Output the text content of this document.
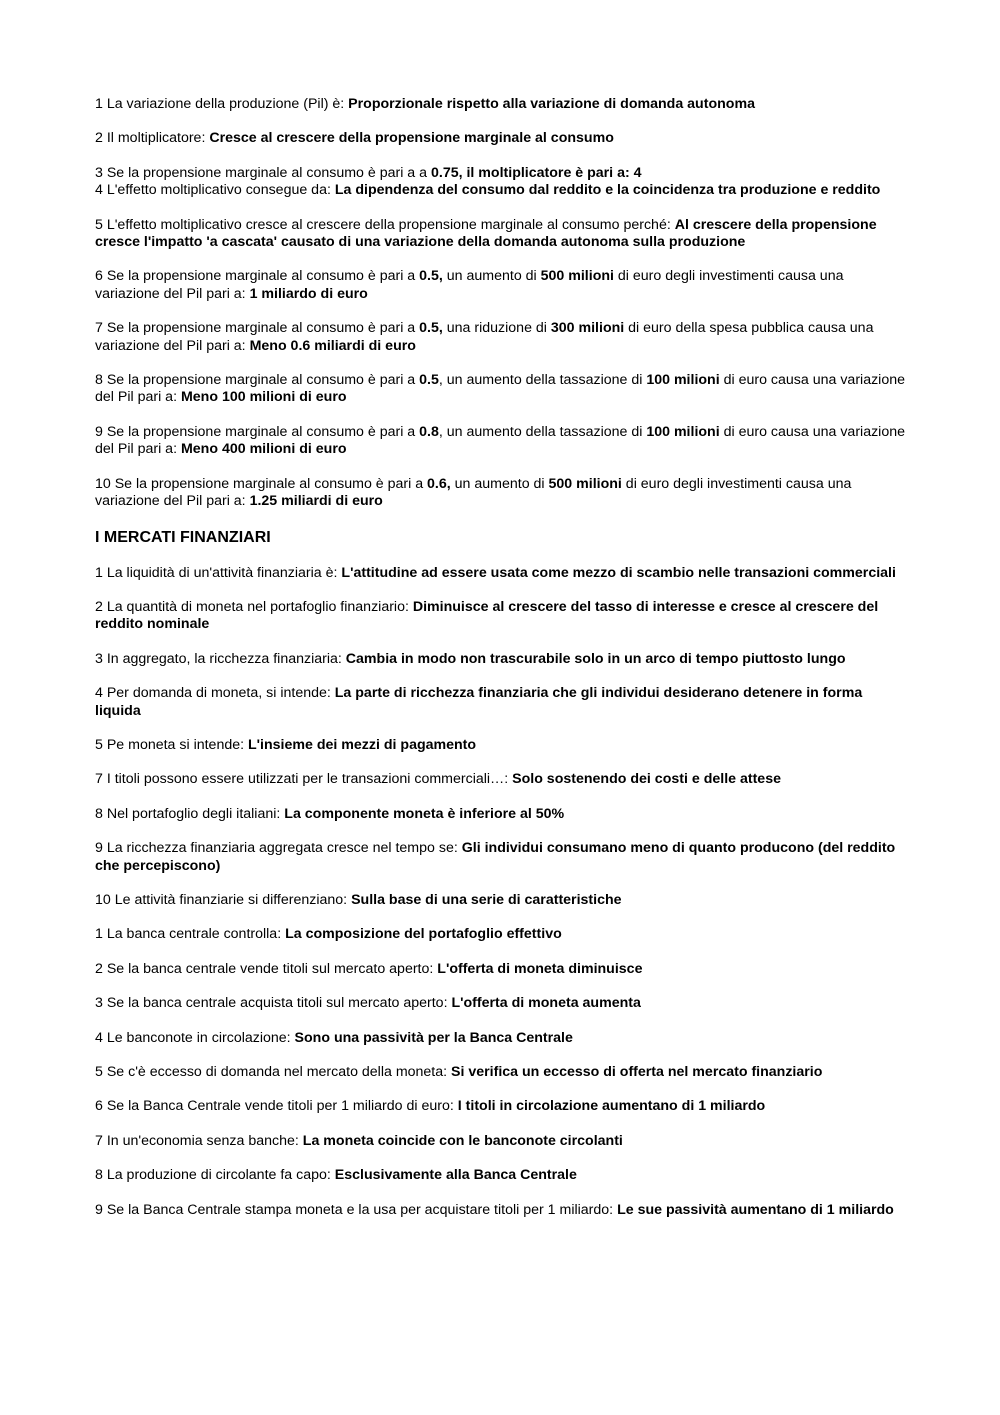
1 La variazione della produzione (Pil) è: Proporzionale rispetto alla variazione di domanda autonoma
2 Il moltiplicatore: Cresce al crescere della propensione marginale al consumo
3 Se la propensione marginale al consumo è pari a a 0.75, il moltiplicatore è pari a: 4
4 L'effetto moltiplicativo consegue da: La dipendenza del consumo dal reddito e la coincidenza tra produzione e reddito
5 L'effetto moltiplicativo cresce al crescere della propensione marginale al consumo perché: Al crescere della propensione cresce l'impatto 'a cascata' causato di una variazione della domanda autonoma sulla produzione
6 Se la propensione marginale al consumo è pari a 0.5, un aumento di 500 milioni di euro degli investimenti causa una variazione del Pil pari a: 1 miliardo di euro
7 Se la propensione marginale al consumo è pari a 0.5, una riduzione di 300 milioni di euro della spesa pubblica causa una variazione del Pil pari a: Meno 0.6 miliardi di euro
8 Se la propensione marginale al consumo è pari a 0.5, un aumento della tassazione di 100 milioni di euro causa una variazione del Pil pari a: Meno 100 milioni di euro
9 Se la propensione marginale al consumo è pari a 0.8, un aumento della tassazione di 100 milioni di euro causa una variazione del Pil pari a: Meno 400 milioni di euro
10 Se la propensione marginale al consumo è pari a 0.6, un aumento di 500 milioni di euro degli investimenti causa una variazione del Pil pari a: 1.25 miliardi di euro
I MERCATI FINANZIARI
1 La liquidità di un'attività finanziaria è: L'attitudine ad essere usata come mezzo di scambio nelle transazioni commerciali
2 La quantità di moneta nel portafoglio finanziario: Diminuisce al crescere del tasso di interesse e cresce al crescere del reddito nominale
3 In aggregato, la ricchezza finanziaria: Cambia in modo non trascurabile solo in un arco di tempo piuttosto lungo
4 Per domanda di moneta, si intende: La parte di ricchezza finanziaria che gli individui desiderano detenere in forma liquida
5 Pe moneta si intende: L'insieme dei mezzi di pagamento
7 I titoli possono essere utilizzati per le transazioni commerciali…: Solo sostenendo dei costi e delle attese
8 Nel portafoglio degli italiani: La componente moneta è inferiore al 50%
9 La ricchezza finanziaria aggregata cresce nel tempo se: Gli individui consumano meno di quanto producono (del reddito che percepiscono)
10 Le attività finanziarie si differenziano: Sulla base di una serie di caratteristiche
1 La banca centrale controlla: La composizione del portafoglio effettivo
2 Se la banca centrale vende titoli sul mercato aperto: L'offerta di moneta diminuisce
3 Se la banca centrale acquista titoli sul mercato aperto: L'offerta di moneta aumenta
4 Le banconote in circolazione: Sono una passività per la Banca Centrale
5 Se c'è eccesso di domanda nel mercato della moneta: Si verifica un eccesso di offerta nel mercato finanziario
6 Se la Banca Centrale vende titoli per 1 miliardo di euro: I titoli in circolazione aumentano di 1 miliardo
7 In un'economia senza banche: La moneta coincide con le banconote circolanti
8 La produzione di circolante fa capo: Esclusivamente alla Banca Centrale
9 Se la Banca Centrale stampa moneta e la usa per acquistare titoli per 1 miliardo: Le sue passività aumentano di 1 miliardo
